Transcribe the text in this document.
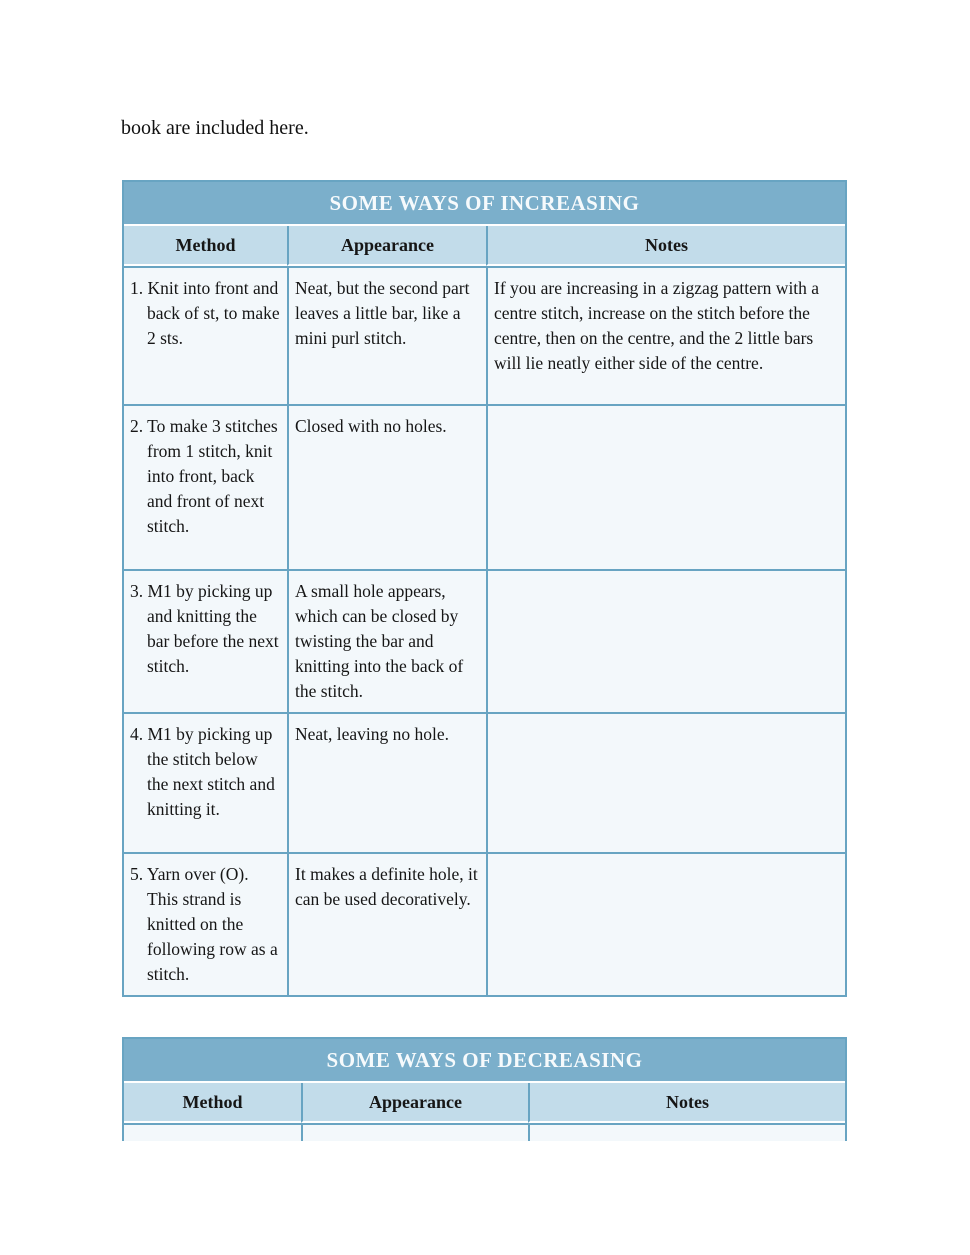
book are included here.

SOME WAYS OF INCREASING		
Method	Appearance	Notes
1. Knit into front and back of st, to make 2 sts.	Neat, but the second part leaves a little bar, like a mini purl stitch.	If you are increasing in a zigzag pattern with a centre stitch, increase on the stitch before the centre, then on the centre, and the 2 little bars will lie neatly either side of the centre.
2. To make 3 stitches from 1 stitch, knit into front, back and front of next stitch.	Closed with no holes.	
3. M1 by picking up and knitting the bar before the next stitch.	A small hole appears, which can be closed by twisting the bar and knitting into the back of the stitch.	
4. M1 by picking up the stitch below the next stitch and knitting it.	Neat, leaving no hole.	
5. Yarn over (O). This strand is knitted on the following row as a stitch.	It makes a definite hole, it can be used decoratively.	
SOME WAYS OF DECREASING		
Method	Appearance	Notes
